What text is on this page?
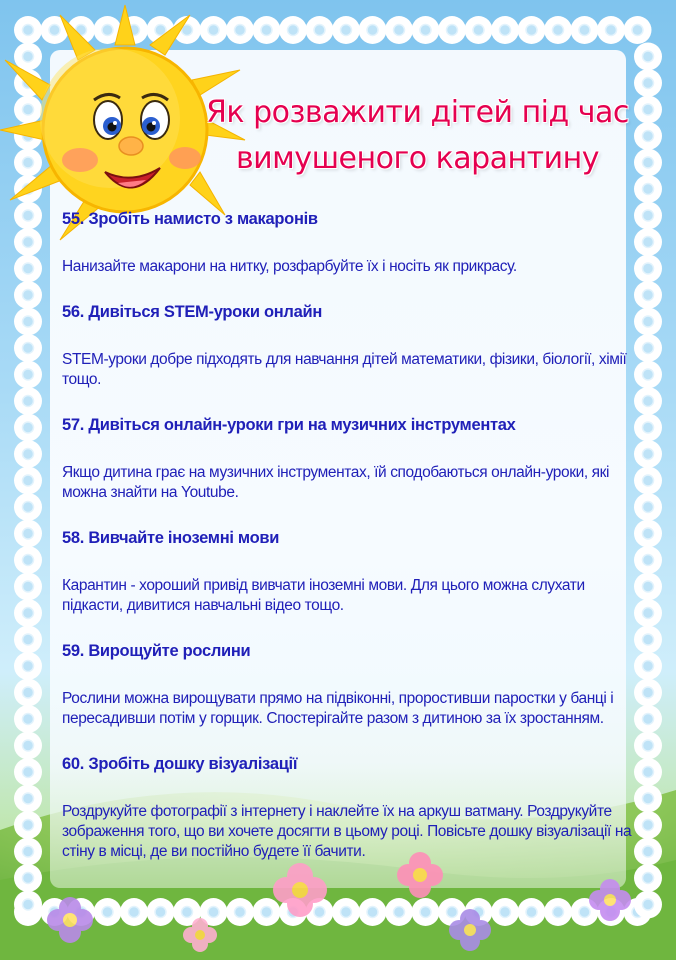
Як розважити дітей під час
вимушеного карантину
55. Зробіть намисто з макаронів
Нанизайте макарони на нитку, розфарбуйте їх і носіть як прикрасу.
56. Дивіться STEM-уроки онлайн
STEM-уроки добре підходять для навчання дітей математики, фізики, біології, хімії тощо.
57. Дивіться онлайн-уроки гри на музичних інструментах
Якщо дитина грає на музичних інструментах, їй сподобаються онлайн-уроки, які можна знайти на Youtube.
58. Вивчайте іноземні мови
Карантин - хороший привід вивчати іноземні мови. Для цього можна слухати підкасти, дивитися навчальні відео тощо.
59. Вирощуйте рослини
Рослини можна вирощувати прямо на підвіконні, проростивши паростки у банці і пересадивши потім у горщик. Спостерігайте разом з дитиною за їх зростанням.
60. Зробіть дошку візуалізації
Роздрукуйте фотографії з інтернету і наклейте їх на аркуш ватману. Роздрукуйте зображення того, що ви хочете досягти в цьому році. Повісьте дошку візуалізації на стіну в місці, де ви постійно будете її бачити.
